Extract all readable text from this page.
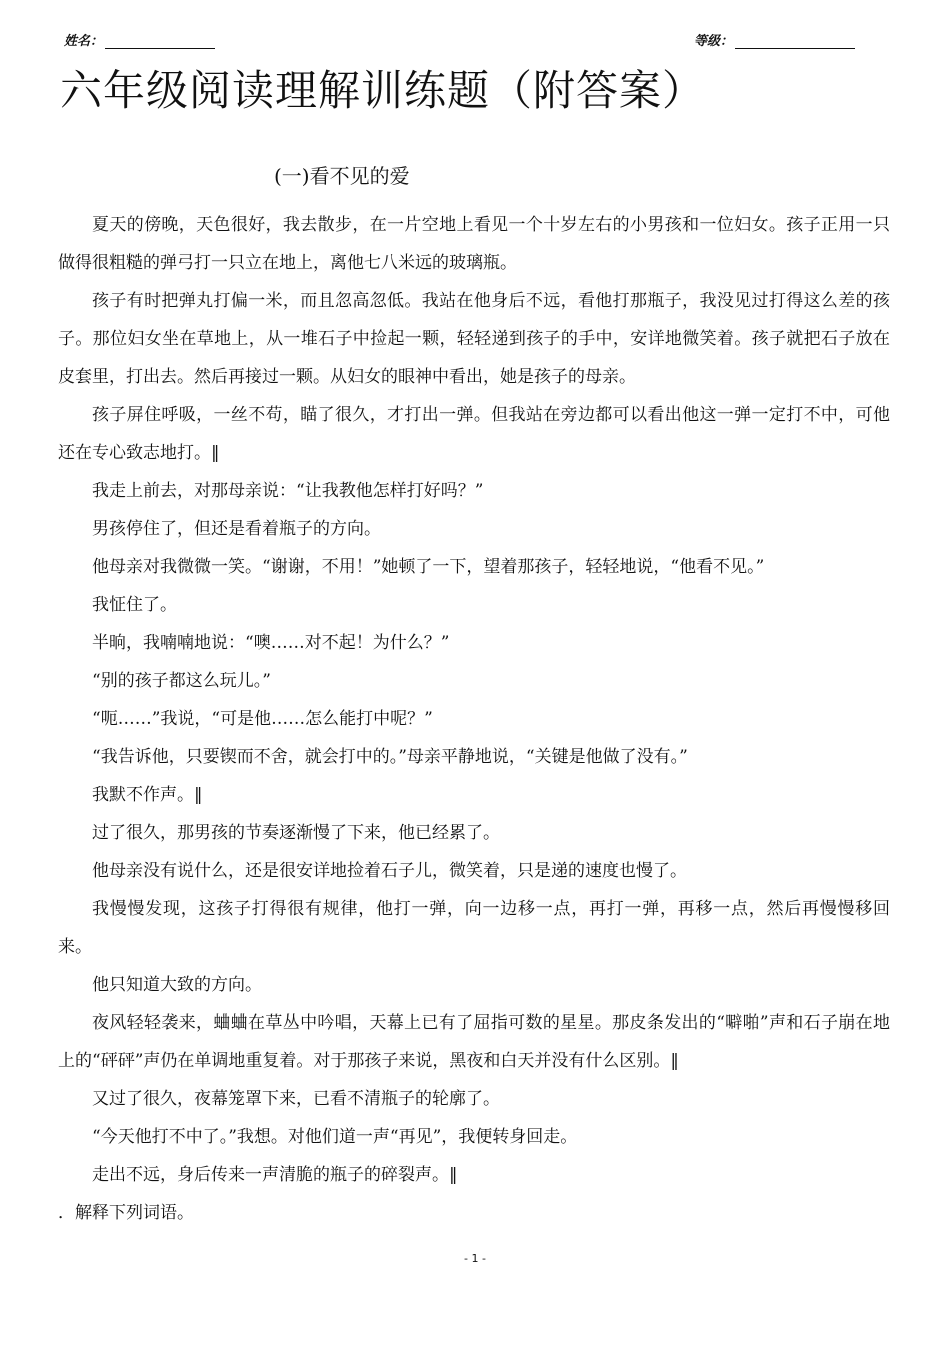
姓名：	等级：
六年级阅读理解训练题（附答案）
(一)看不见的爱

夏天的傍晚，天色很好，我去散步，在一片空地上看见一个十岁左右的小男孩和一位妇女。孩子正用一只做得很粗糙的弹弓打一只立在地上，离他七八米远的玻璃瓶。

孩子有时把弹丸打偏一米，而且忽高忽低。我站在他身后不远，看他打那瓶子，我没见过打得这么差的孩子。那位妇女坐在草地上，从一堆石子中捡起一颗，轻轻递到孩子的手中，安详地微笑着。孩子就把石子放在皮套里，打出去。然后再接过一颗。从妇女的眼神中看出，她是孩子的母亲。

孩子屏住呼吸，一丝不苟，瞄了很久，才打出一弹。但我站在旁边都可以看出他这一弹一定打不中，可他还在专心致志地打。‖

我走上前去，对那母亲说：“让我教他怎样打好吗？”

男孩停住了，但还是看着瓶子的方向。

他母亲对我微微一笑。“谢谢，不用！”她顿了一下，望着那孩子，轻轻地说，“他看不见。”

我怔住了。

半晌，我喃喃地说：“噢……对不起！为什么？”

“别的孩子都这么玩儿。”

“呃……”我说，“可是他……怎么能打中呢？”

“我告诉他，只要锲而不舍，就会打中的。”母亲平静地说，“关键是他做了没有。”

我默不作声。‖

过了很久，那男孩的节奏逐渐慢了下来，他已经累了。

他母亲没有说什么，还是很安详地捡着石子儿，微笑着，只是递的速度也慢了。

我慢慢发现，这孩子打得很有规律，他打一弹，向一边移一点，再打一弹，再移一点，然后再慢慢移回来。

他只知道大致的方向。

夜风轻轻袭来，蛐蛐在草丛中吟唱，天幕上已有了屈指可数的星星。那皮条发出的“噼啪”声和石子崩在地上的“砰砰”声仍在单调地重复着。对于那孩子来说，黑夜和白天并没有什么区别。‖

又过了很久，夜幕笼罩下来，已看不清瓶子的轮廓了。

“今天他打不中了。”我想。对他们道一声“再见”，我便转身回走。

走出不远，身后传来一声清脆的瓶子的碎裂声。‖

．解释下列词语。

- 1 -
